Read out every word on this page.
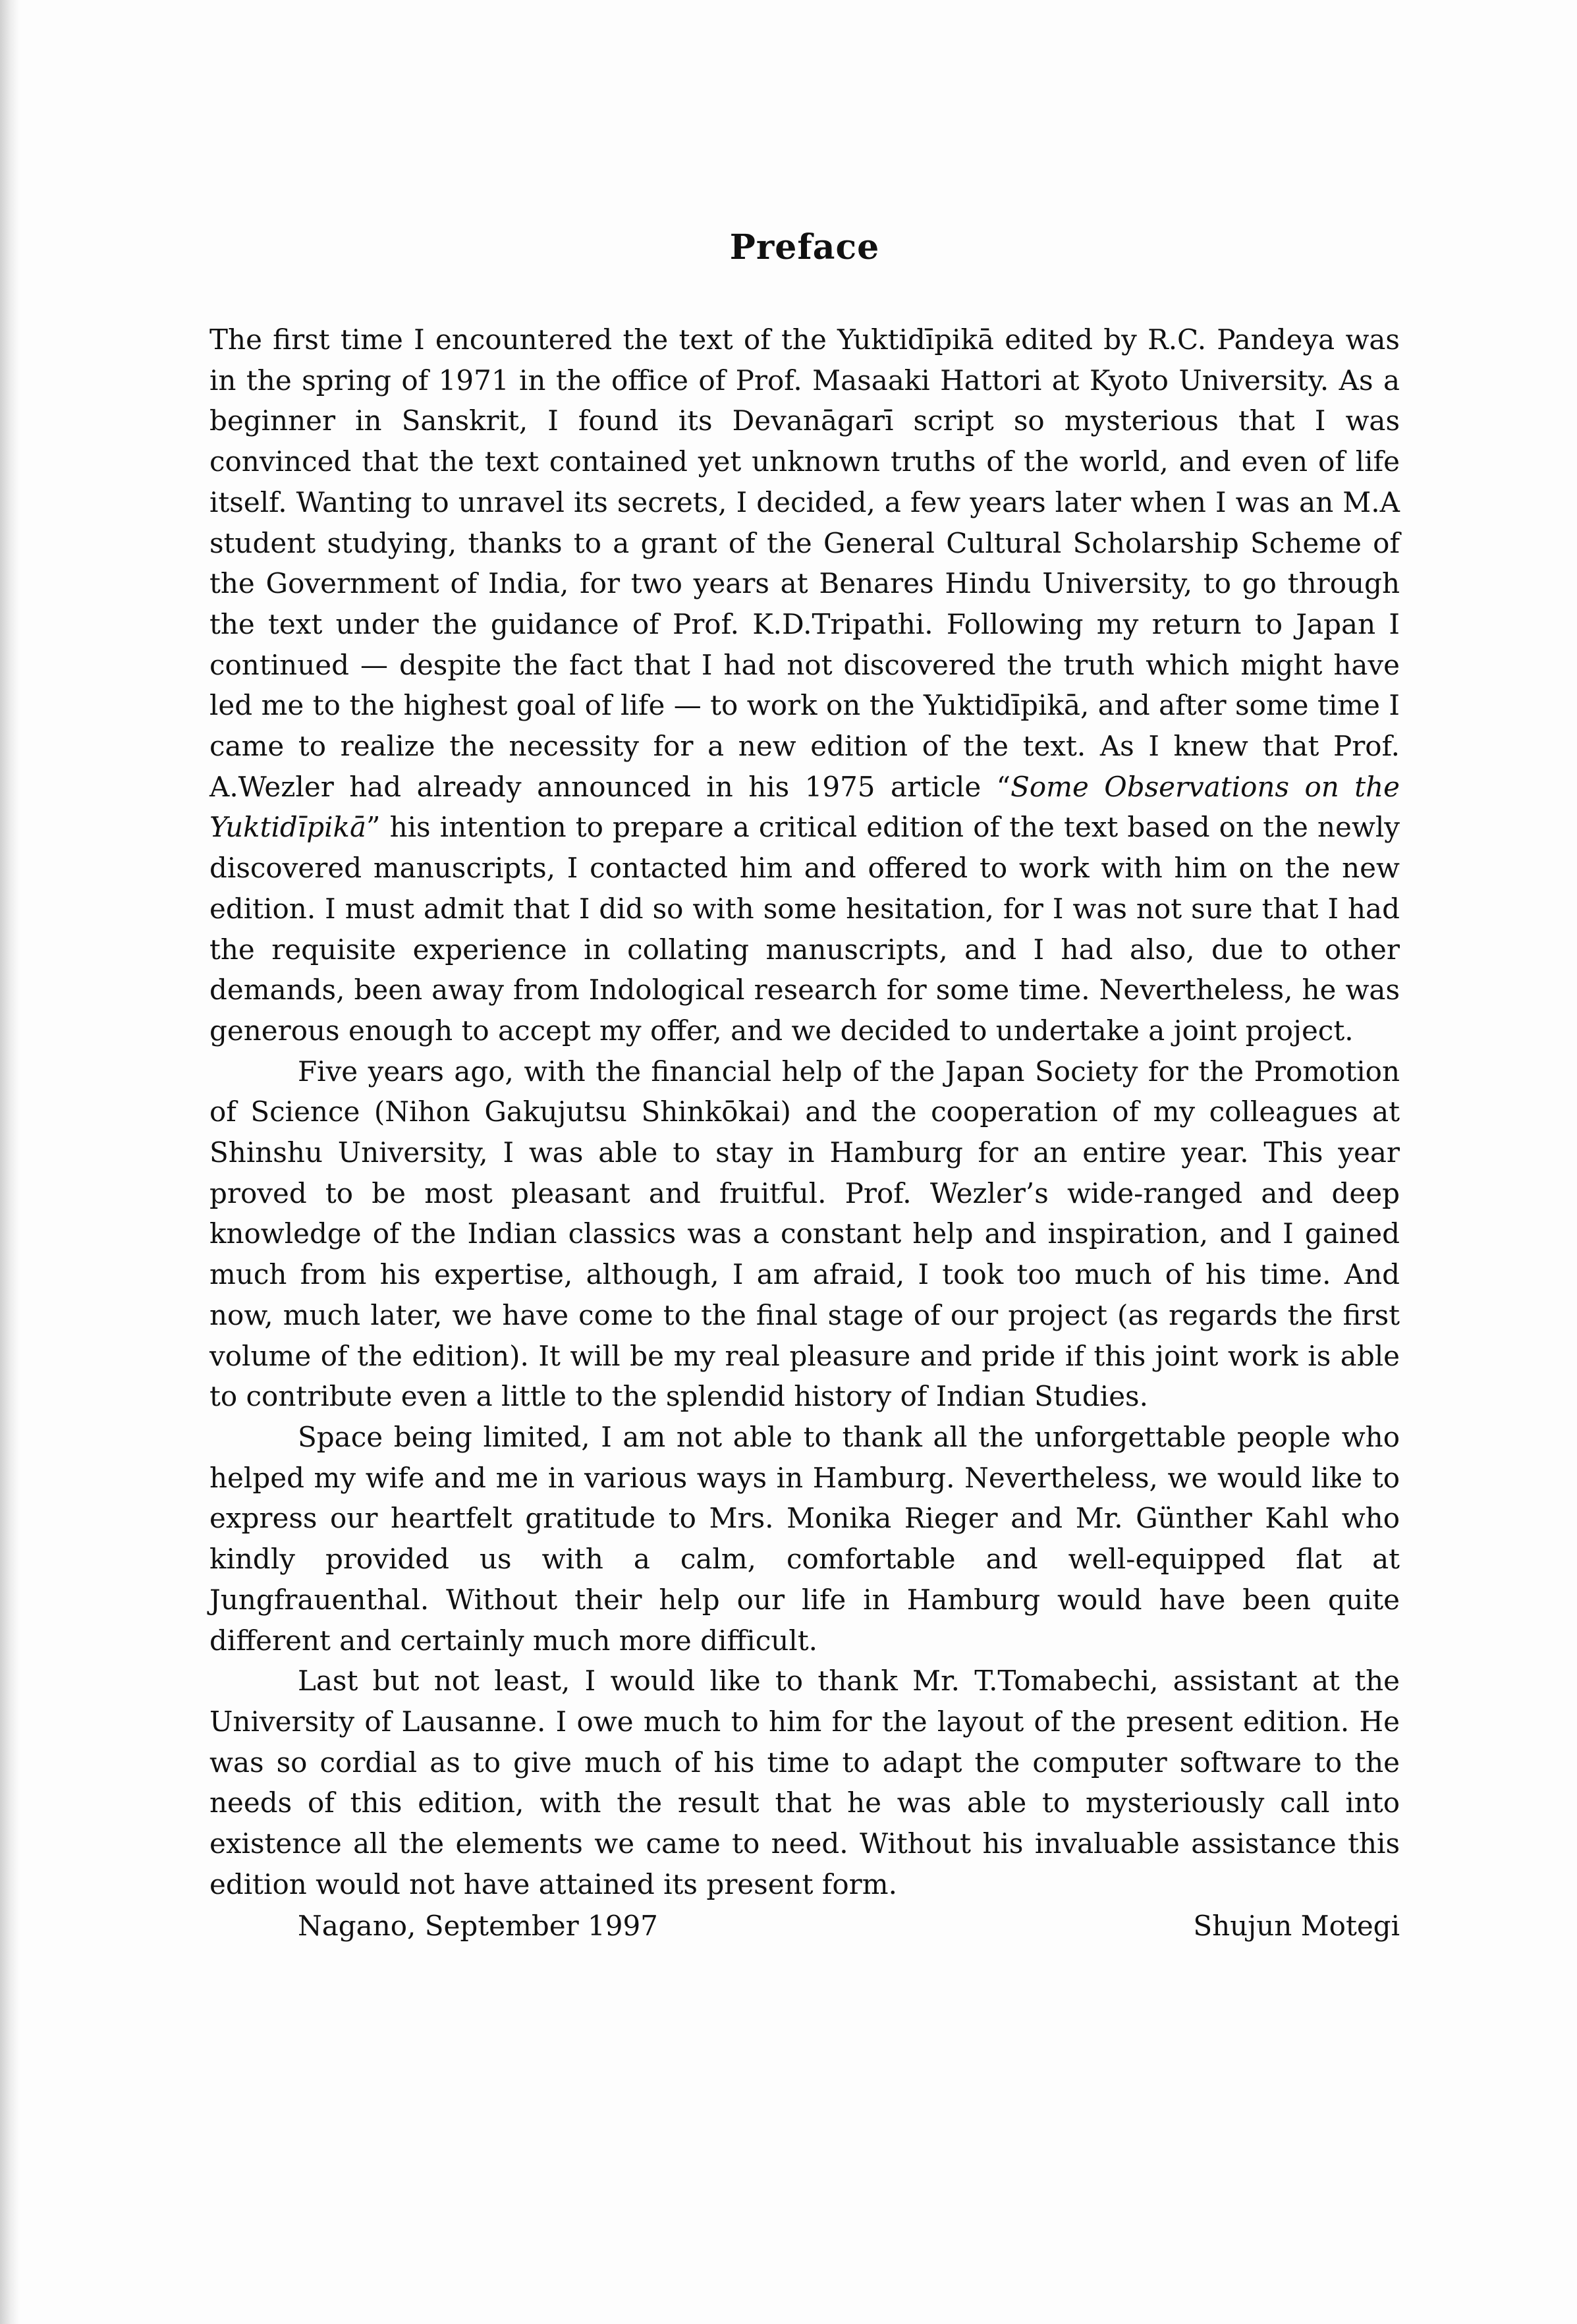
Preface

The first time I encountered the text of the Yuktidīpikā edited by R.C. Pandeya was in the spring of 1971 in the office of Prof. Masaaki Hattori at Kyoto University. As a beginner in Sanskrit, I found its Devanāgarī script so mysterious that I was convinced that the text contained yet unknown truths of the world, and even of life itself. Wanting to unravel its secrets, I decided, a few years later when I was an M.A student studying, thanks to a grant of the General Cultural Scholarship Scheme of the Government of India, for two years at Benares Hindu University, to go through the text under the guidance of Prof. K.D.Tripathi. Following my return to Japan I continued — despite the fact that I had not discovered the truth which might have led me to the highest goal of life — to work on the Yuktidīpikā, and after some time I came to realize the necessity for a new edition of the text. As I knew that Prof. A.Wezler had already announced in his 1975 article “Some Observations on the Yuktidīpikā” his intention to prepare a critical edition of the text based on the newly discovered manuscripts, I contacted him and offered to work with him on the new edition. I must admit that I did so with some hesitation, for I was not sure that I had the requisite experience in collating manuscripts, and I had also, due to other demands, been away from Indological research for some time. Nevertheless, he was generous enough to accept my offer, and we decided to undertake a joint project.

Five years ago, with the financial help of the Japan Society for the Promotion of Science (Nihon Gakujutsu Shinkōkai) and the cooperation of my colleagues at Shinshu University, I was able to stay in Hamburg for an entire year. This year proved to be most pleasant and fruitful. Prof. Wezler’s wide-ranged and deep knowledge of the Indian classics was a constant help and inspiration, and I gained much from his expertise, although, I am afraid, I took too much of his time. And now, much later, we have come to the final stage of our project (as regards the first volume of the edition). It will be my real pleasure and pride if this joint work is able to contribute even a little to the splendid history of Indian Studies.

Space being limited, I am not able to thank all the unforgettable people who helped my wife and me in various ways in Hamburg. Nevertheless, we would like to express our heartfelt gratitude to Mrs. Monika Rieger and Mr. Günther Kahl who kindly provided us with a calm, comfortable and well-equipped flat at Jungfrauenthal. Without their help our life in Hamburg would have been quite different and certainly much more difficult.

Last but not least, I would like to thank Mr. T.Tomabechi, assistant at the University of Lausanne. I owe much to him for the layout of the present edition. He was so cordial as to give much of his time to adapt the computer software to the needs of this edition, with the result that he was able to mysteriously call into existence all the elements we came to need. Without his invaluable assistance this edition would not have attained its present form.

Nagano, September 1997	Shujun Motegi
